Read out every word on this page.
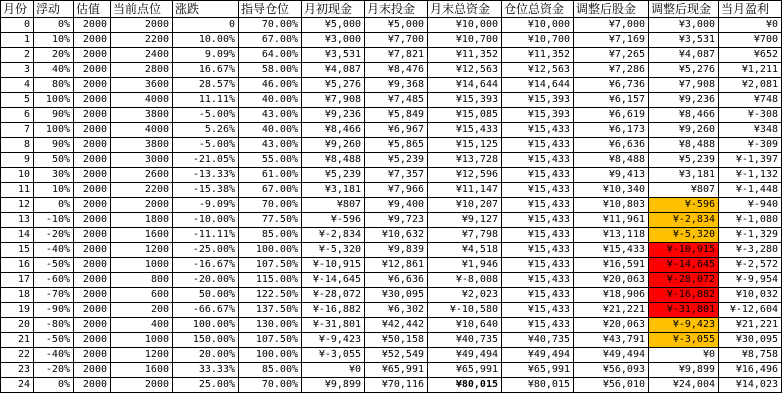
月份	浮动	估值	当前点位	涨跌	指导仓位	月初现金	月末投金	月末总资金	仓位总资金	调整后股金	调整后现金	当月盈利
0	0%	2000	2000	0	70.00%	¥5,000	¥5,000	¥10,000	¥10,000	¥7,000	¥3,000	¥0
1	10%	2000	2200	10.00%	67.00%	¥3,000	¥7,700	¥10,700	¥10,700	¥7,169	¥3,531	¥700
2	20%	2000	2400	9.09%	64.00%	¥3,531	¥7,821	¥11,352	¥11,352	¥7,265	¥4,087	¥652
3	40%	2000	2800	16.67%	58.00%	¥4,087	¥8,476	¥12,563	¥12,563	¥7,286	¥5,276	¥1,211
4	80%	2000	3600	28.57%	46.00%	¥5,276	¥9,368	¥14,644	¥14,644	¥6,736	¥7,908	¥2,081
5	100%	2000	4000	11.11%	40.00%	¥7,908	¥7,485	¥15,393	¥15,393	¥6,157	¥9,236	¥748
6	90%	2000	3800	-5.00%	43.00%	¥9,236	¥5,849	¥15,085	¥15,393	¥6,619	¥8,466	¥-308
7	100%	2000	4000	5.26%	40.00%	¥8,466	¥6,967	¥15,433	¥15,433	¥6,173	¥9,260	¥348
8	90%	2000	3800	-5.00%	43.00%	¥9,260	¥5,865	¥15,125	¥15,433	¥6,636	¥8,488	¥-309
9	50%	2000	3000	-21.05%	55.00%	¥8,488	¥5,239	¥13,728	¥15,433	¥8,488	¥5,239	¥-1,397
10	30%	2000	2600	-13.33%	61.00%	¥5,239	¥7,357	¥12,596	¥15,433	¥9,413	¥3,181	¥-1,132
11	10%	2000	2200	-15.38%	67.00%	¥3,181	¥7,966	¥11,147	¥15,433	¥10,340	¥807	¥-1,448
12	0%	2000	2000	-9.09%	70.00%	¥807	¥9,400	¥10,207	¥15,433	¥10,803	¥-596	¥-940
13	-10%	2000	1800	-10.00%	77.50%	¥-596	¥9,723	¥9,127	¥15,433	¥11,961	¥-2,834	¥-1,080
14	-20%	2000	1600	-11.11%	85.00%	¥-2,834	¥10,632	¥7,798	¥15,433	¥13,118	¥-5,320	¥-1,329
15	-40%	2000	1200	-25.00%	100.00%	¥-5,320	¥9,839	¥4,518	¥15,433	¥15,433	¥-10,915	¥-3,280
16	-50%	2000	1000	-16.67%	107.50%	¥-10,915	¥12,861	¥1,946	¥15,433	¥16,591	¥-14,645	¥-2,572
17	-60%	2000	800	-20.00%	115.00%	¥-14,645	¥6,636	¥-8,008	¥15,433	¥20,063	¥-28,072	¥-9,954
18	-70%	2000	600	50.00%	122.50%	¥-28,072	¥30,095	¥2,023	¥15,433	¥18,906	¥-16,882	¥10,032
19	-90%	2000	200	-66.67%	137.50%	¥-16,882	¥6,302	¥-10,580	¥15,433	¥21,221	¥-31,801	¥-12,604
20	-80%	2000	400	100.00%	130.00%	¥-31,801	¥42,442	¥10,640	¥15,433	¥20,063	¥-9,423	¥21,221
21	-50%	2000	1000	150.00%	107.50%	¥-9,423	¥50,158	¥40,735	¥40,735	¥43,791	¥-3,055	¥30,095
22	-40%	2000	1200	20.00%	100.00%	¥-3,055	¥52,549	¥49,494	¥49,494	¥49,494	¥0	¥8,758
23	-20%	2000	1600	33.33%	85.00%	¥0	¥65,991	¥65,991	¥65,991	¥56,093	¥9,899	¥16,496
24	0%	2000	2000	25.00%	70.00%	¥9,899	¥70,116	¥80,015	¥80,015	¥56,010	¥24,004	¥14,023
